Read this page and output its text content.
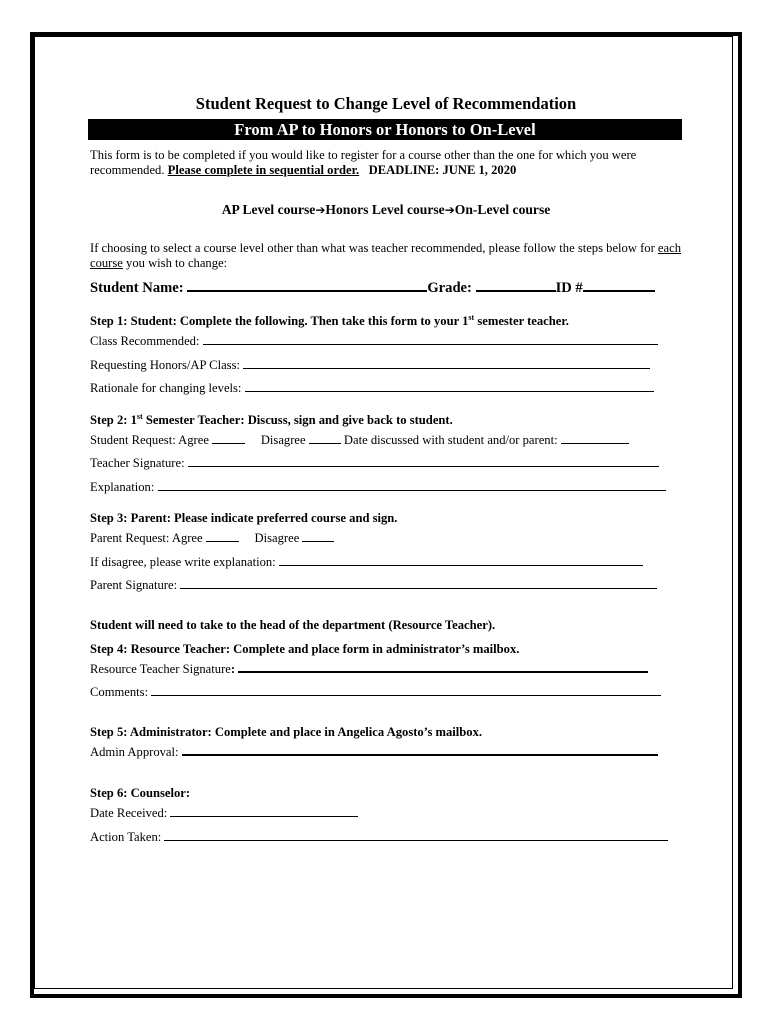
Student Request to Change Level of Recommendation
From AP to Honors or Honors to On-Level
This form is to be completed if you would like to register for a course other than the one for which you were recommended. Please complete in sequential order. DEADLINE: JUNE 1, 2020
AP Level course➔Honors Level course➔On-Level course
If choosing to select a course level other than what was teacher recommended, please follow the steps below for each course you wish to change:
Student Name:	Grade:	ID #
Step 1: Student: Complete the following. Then take this form to your 1st semester teacher.
Class Recommended:
Requesting Honors/AP Class:
Rationale for changing levels:
Step 2: 1st Semester Teacher: Discuss, sign and give back to student.
Student Request: Agree	Disagree	Date discussed with student and/or parent:
Teacher Signature:
Explanation:
Step 3: Parent: Please indicate preferred course and sign.
Parent Request: Agree	Disagree
If disagree, please write explanation:
Parent Signature:
Student will need to take to the head of the department (Resource Teacher).
Step 4: Resource Teacher: Complete and place form in administrator’s mailbox.
Resource Teacher Signature:
Comments:
Step 5: Administrator: Complete and place in Angelica Agosto’s mailbox.
Admin Approval:
Step 6: Counselor:
Date Received:
Action Taken:
